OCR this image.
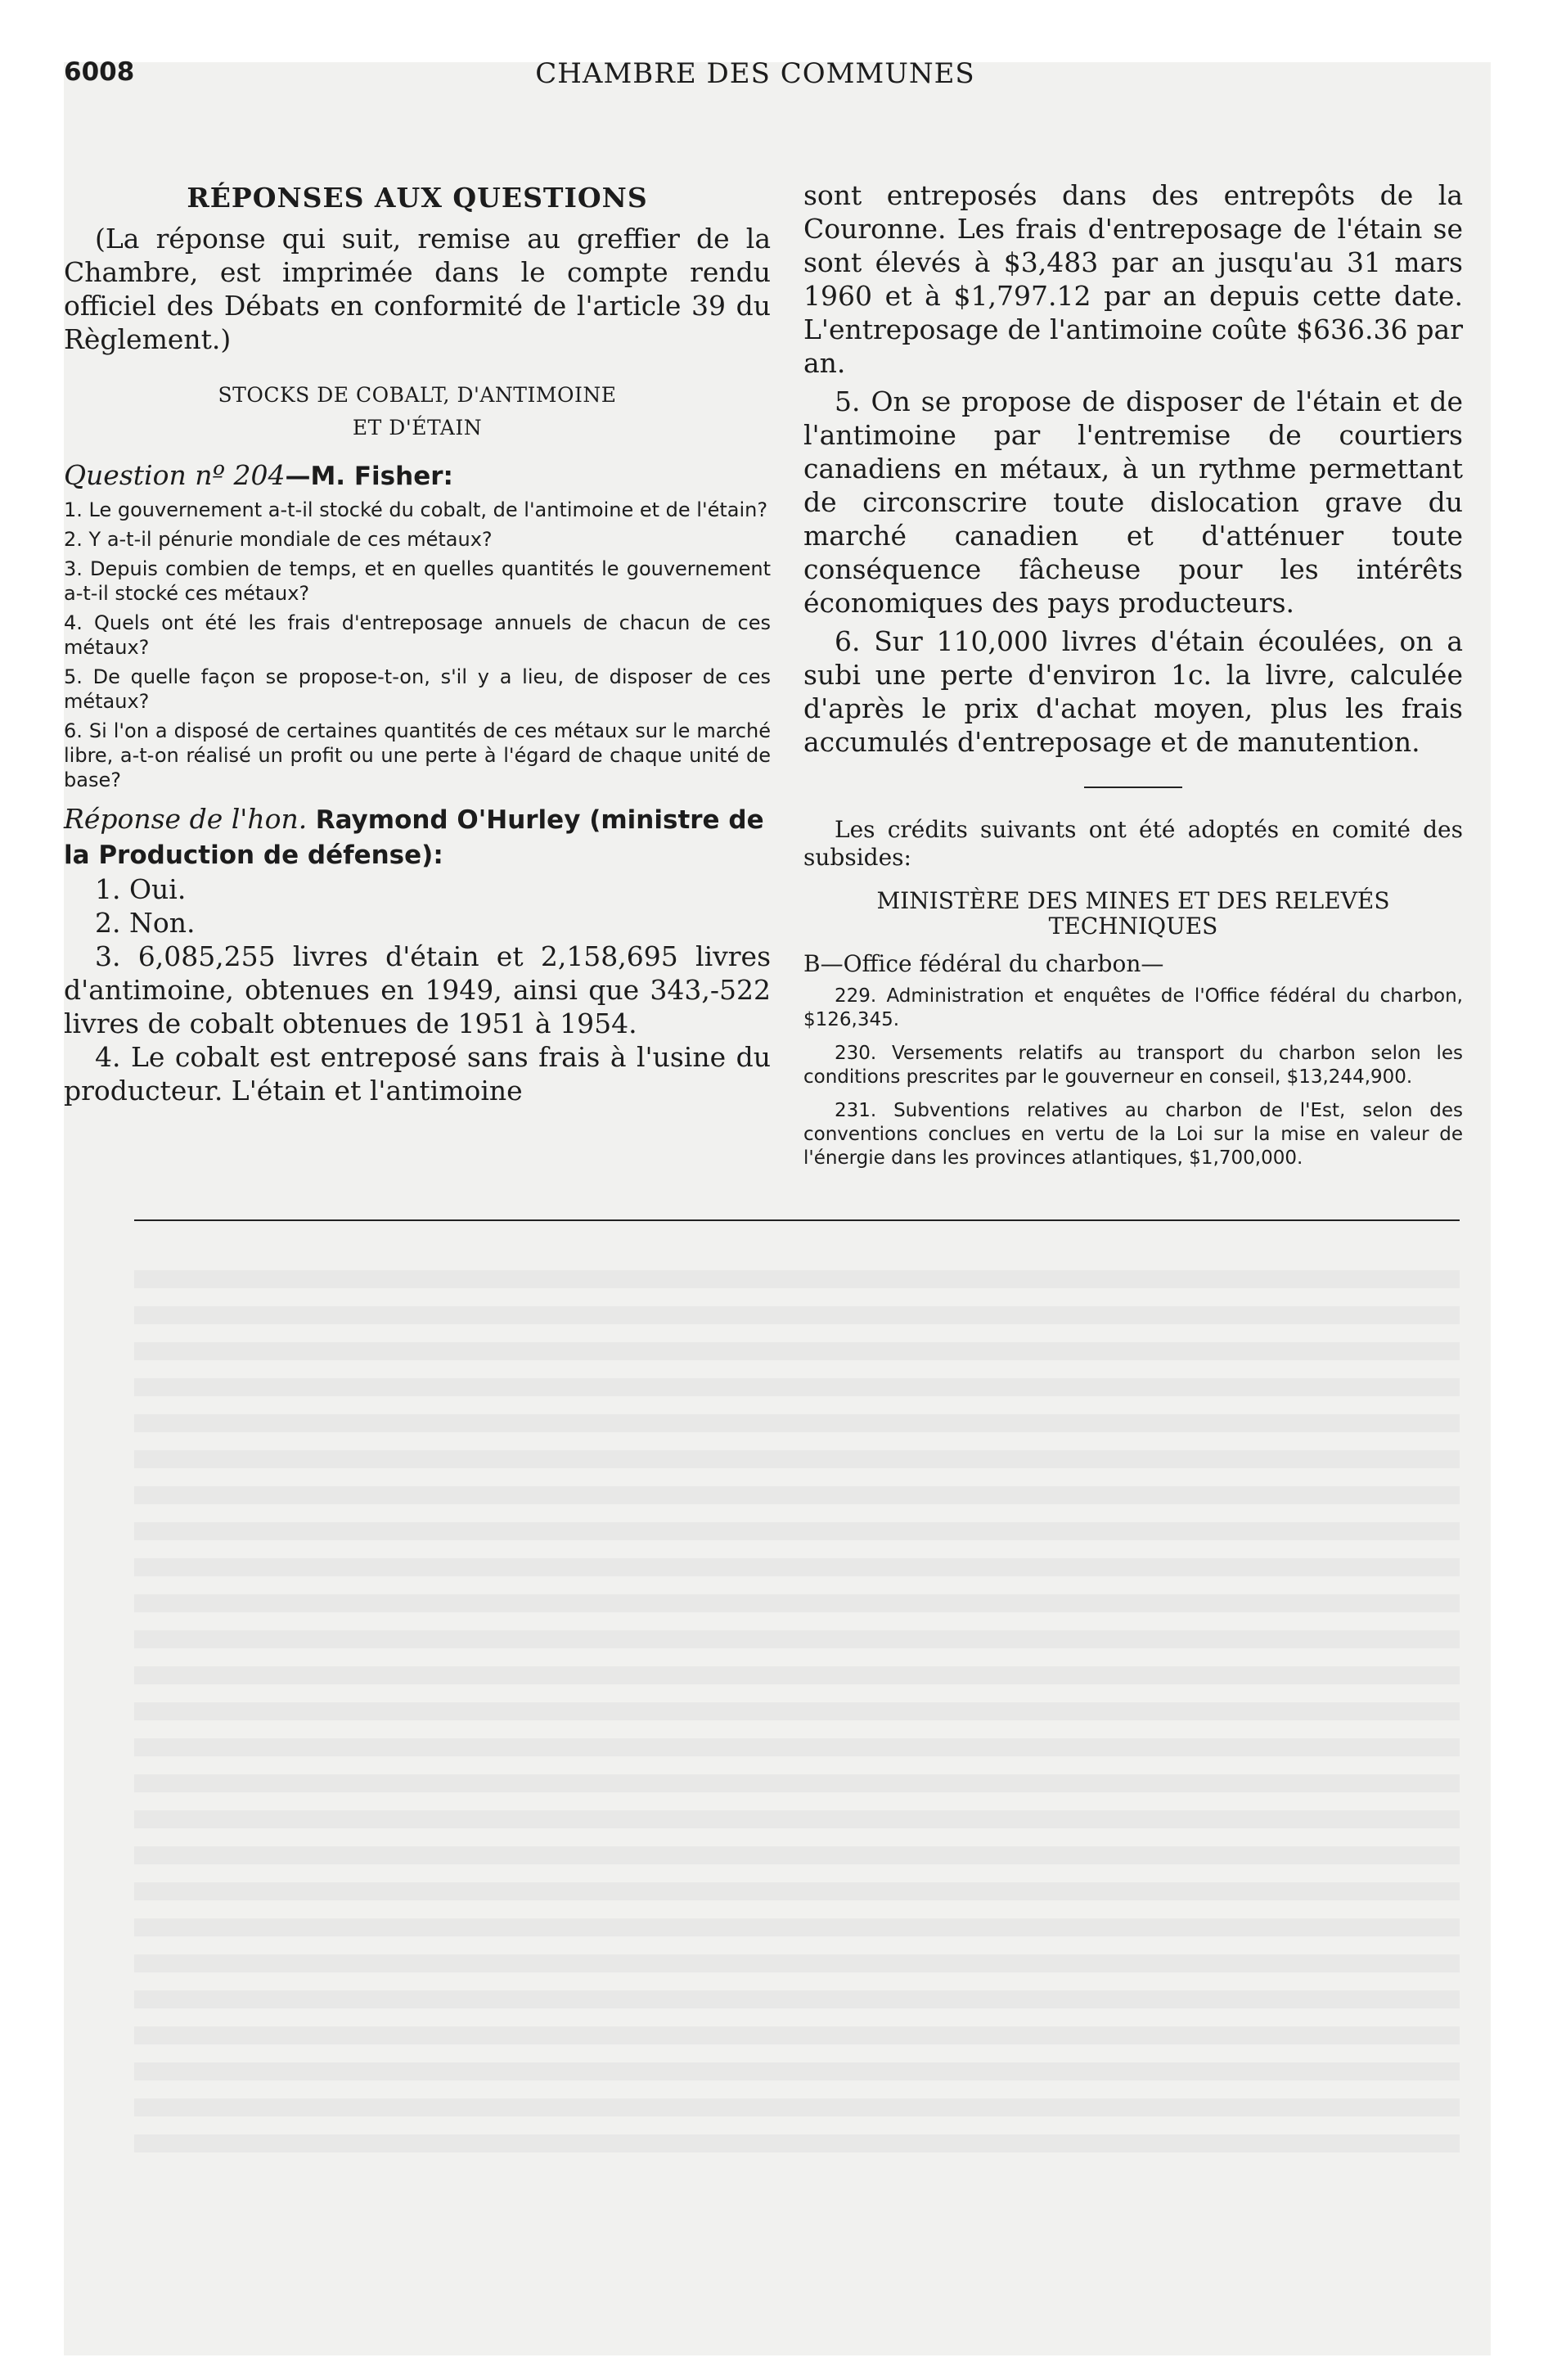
6008	CHAMBRE DES COMMUNES
RÉPONSES AUX QUESTIONS

(La réponse qui suit, remise au greffier de la Chambre, est imprimée dans le compte rendu officiel des Débats en conformité de l'article 39 du Règlement.)

STOCKS DE COBALT, D'ANTIMOINE
ET D'ÉTAIN
Question nº 204—M. Fisher:

1. Le gouvernement a-t-il stocké du cobalt, de l'antimoine et de l'étain?

2. Y a-t-il pénurie mondiale de ces métaux?

3. Depuis combien de temps, et en quelles quantités le gouvernement a-t-il stocké ces métaux?

4. Quels ont été les frais d'entreposage annuels de chacun de ces métaux?

5. De quelle façon se propose-t-on, s'il y a lieu, de disposer de ces métaux?

6. Si l'on a disposé de certaines quantités de ces métaux sur le marché libre, a-t-on réalisé un profit ou une perte à l'égard de chaque unité de base?

Réponse de l'hon. Raymond O'Hurley (ministre de la Production de défense):

1. Oui.

2. Non.

3. 6,085,255 livres d'étain et 2,158,695 livres d'antimoine, obtenues en 1949, ainsi que 343,-522 livres de cobalt obtenues de 1951 à 1954.

4. Le cobalt est entreposé sans frais à l'usine du producteur. L'étain et l'antimoine

sont entreposés dans des entrepôts de la Couronne. Les frais d'entreposage de l'étain se sont élevés à $3,483 par an jusqu'au 31 mars 1960 et à $1,797.12 par an depuis cette date. L'entreposage de l'antimoine coûte $636.36 par an.

5. On se propose de disposer de l'étain et de l'antimoine par l'entremise de courtiers canadiens en métaux, à un rythme permettant de circonscrire toute dislocation grave du marché canadien et d'atténuer toute conséquence fâcheuse pour les intérêts économiques des pays producteurs.

6. Sur 110,000 livres d'étain écoulées, on a subi une perte d'environ 1c. la livre, calculée d'après le prix d'achat moyen, plus les frais accumulés d'entreposage et de manutention.

Les crédits suivants ont été adoptés en comité des subsides:

MINISTÈRE DES MINES ET DES RELEVÉS TECHNIQUES

B—Office fédéral du charbon—

229. Administration et enquêtes de l'Office fédéral du charbon, $126,345.

230. Versements relatifs au transport du charbon selon les conditions prescrites par le gouverneur en conseil, $13,244,900.

231. Subventions relatives au charbon de l'Est, selon des conventions conclues en vertu de la Loi sur la mise en valeur de l'énergie dans les provinces atlantiques, $1,700,000.
